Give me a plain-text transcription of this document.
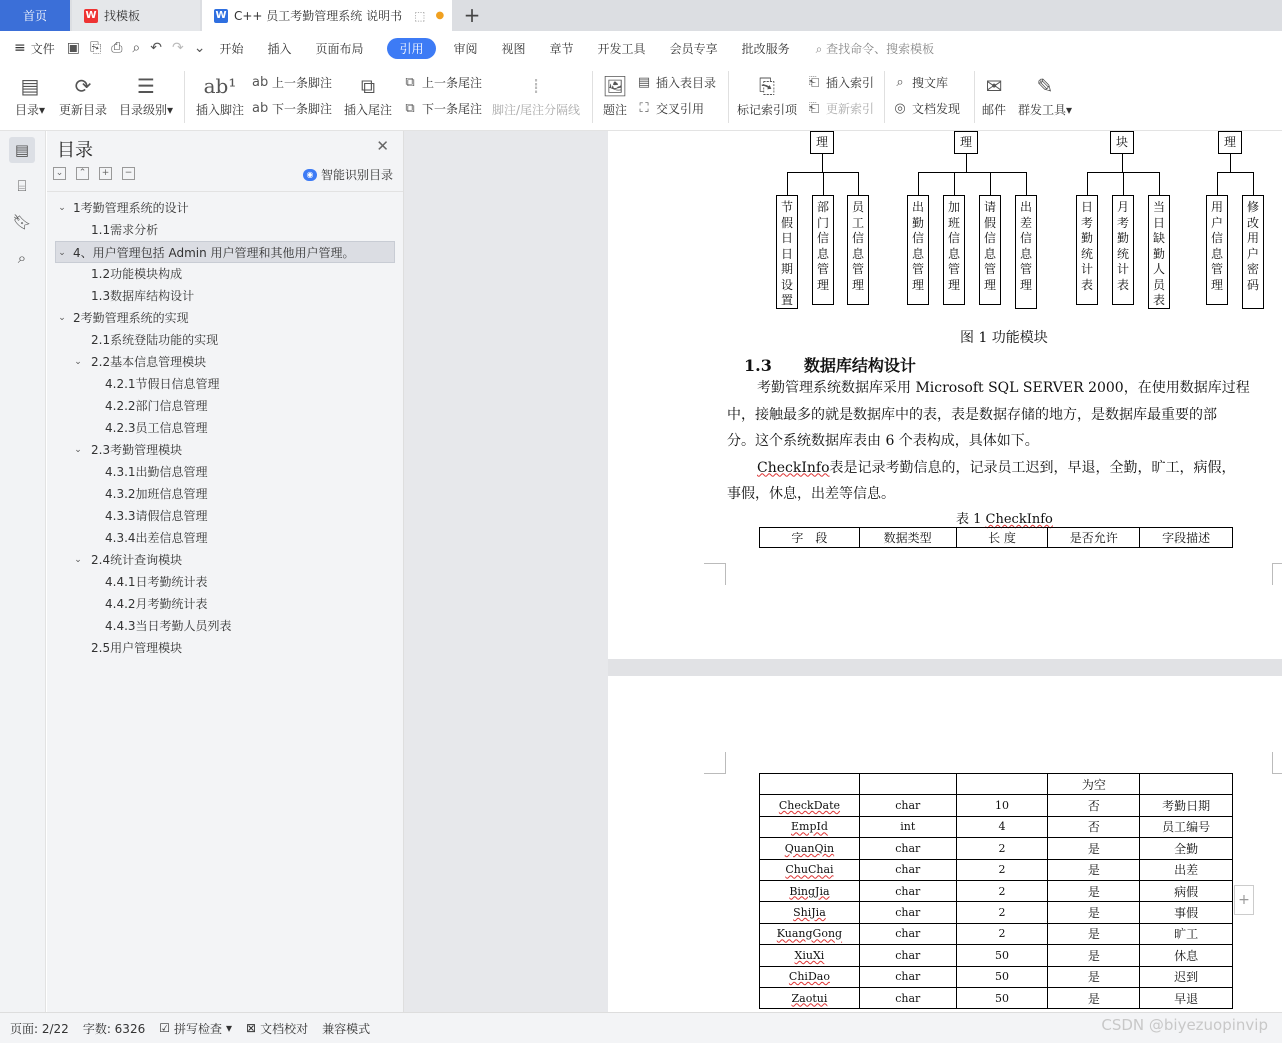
首页	W 找模板	W C++ 员工考勤管理系统 说明书 ⬚ ● +
≡ 文件 ▣ ⎘ ⎙ ⌕ ↶ ↷ ⌄ 开始 插入 页面布局	引用	审阅 视图 章节 开发工具 会员专享 批改服务 ⌕ 查找命令、搜索模板
▤
目录▾
⟳
更新目录
☰
目录级别▾
ab¹
插入脚注
ab 上一条脚注
ab 下一条脚注
⧉
插入尾注
⧉ 上一条尾注
⧉ 下一条尾注
⁞
脚注/尾注分隔线
🖼
题注
▤ 插入表目录
⛶ 交叉引用
⎘
标记索引项
⎗ 插入索引
⎗ 更新索引
⌕ 搜文库
◎ 文档发现
✉
邮件
✎
群发工具▾
▤
⌸
🔖︎
⌕
目录	✕
⌄	⌃	+	−	◉ 智能识别目录
⌄ 1考勤管理系统的设计
1.1需求分析
⌄ 4、用户管理包括 Admin 用户管理和其他用户管理。
1.2功能模块构成
1.3数据库结构设计
⌄ 2考勤管理系统的实现
2.1系统登陆功能的实现
⌄ 2.2基本信息管理模块
4.2.1节假日信息管理
4.2.2部门信息管理
4.2.3员工信息管理
⌄ 2.3考勤管理模块
4.3.1出勤信息管理
4.3.2加班信息管理
4.3.3请假信息管理
4.3.4出差信息管理
⌄ 2.4统计查询模块
4.4.1日考勤统计表
4.4.2月考勤统计表
4.4.3当日考勤人员列表
2.5用户管理模块
理	理	块	理
节假日日期设置
部门信息管理
员工信息管理
出勤信息管理
加班信息管理
请假信息管理
出差信息管理
日考勤统计表
月考勤统计表
当日缺勤人员表
用户信息管理
修改用户密码
图 1 功能模块
1.3　　数据库结构设计
考勤管理系统数据库采用 Microsoft SQL SERVER 2000，在使用数据库过程
中，接触最多的就是数据库中的表，表是数据存储的地方，是数据库最重要的部
分。这个系统数据库表由 6 个表构成，具体如下。
CheckInfo表是记录考勤信息的，记录员工迟到，早退，全勤，旷工，病假，
事假，休息，出差等信息。
表 1 CheckInfo
字　段	数据类型	长 度	是否允许	字段描述
			为空	
CheckDate	char	10	否	考勤日期
EmpId	int	4	否	员工编号
QuanQin	char	2	是	全勤
ChuChai	char	2	是	出差
BingJia	char	2	是	病假
ShiJia	char	2	是	事假
KuangGong	char	2	是	旷工
XiuXi	char	50	是	休息
ChiDao	char	50	是	迟到
Zaotui	char	50	是	早退
+
页面: 2/22 字数: 6326 ☑ 拼写检查 ▾ ⊠ 文档校对 兼容模式	CSDN @biyezuopinvip
